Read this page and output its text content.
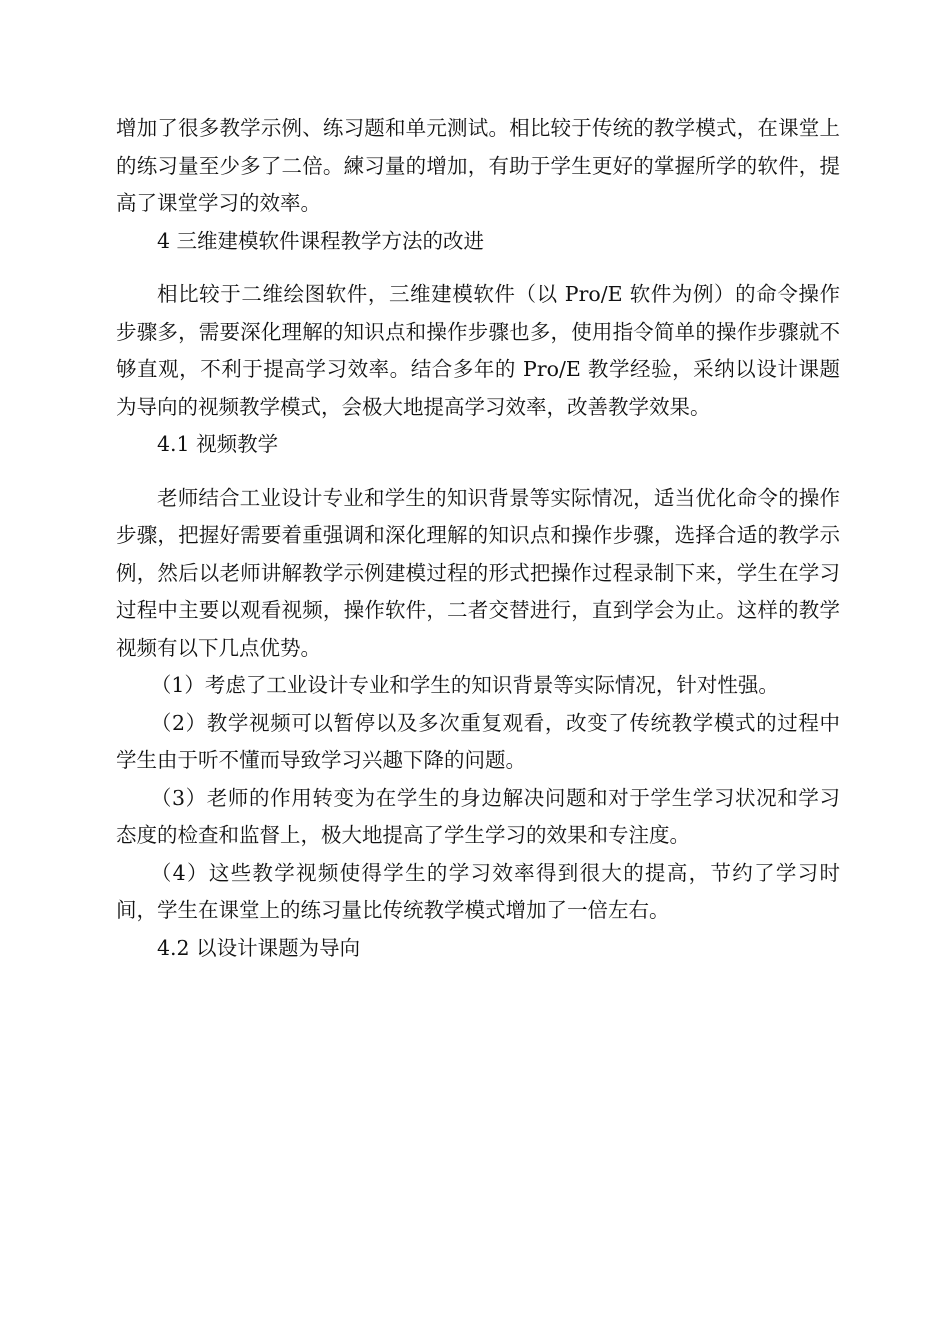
增加了很多教学示例、练习题和单元测试。相比较于传统的教学模式，在课堂上的练习量至少多了二倍。練习量的增加，有助于学生更好的掌握所学的软件，提高了课堂学习的效率。

4 三维建模软件课程教学方法的改进

相比较于二维绘图软件，三维建模软件（以 Pro/E 软件为例）的命令操作步骤多，需要深化理解的知识点和操作步骤也多，使用指令简单的操作步骤就不够直观，不利于提高学习效率。结合多年的 Pro/E 教学经验，采纳以设计课题为导向的视频教学模式，会极大地提高学习效率，改善教学效果。

4.1 视频教学

老师结合工业设计专业和学生的知识背景等实际情况，适当优化命令的操作步骤，把握好需要着重强调和深化理解的知识点和操作步骤，选择合适的教学示例，然后以老师讲解教学示例建模过程的形式把操作过程录制下来，学生在学习过程中主要以观看视频，操作软件，二者交替进行，直到学会为止。这样的教学视频有以下几点优势。

（1）考虑了工业设计专业和学生的知识背景等实际情况，针对性强。

（2）教学视频可以暂停以及多次重复观看，改变了传统教学模式的过程中学生由于听不懂而导致学习兴趣下降的问题。

（3）老师的作用转变为在学生的身边解决问题和对于学生学习状况和学习态度的检查和监督上，极大地提高了学生学习的效果和专注度。

（4）这些教学视频使得学生的学习效率得到很大的提高，节约了学习时间，学生在课堂上的练习量比传统教学模式增加了一倍左右。

4.2 以设计课题为导向
